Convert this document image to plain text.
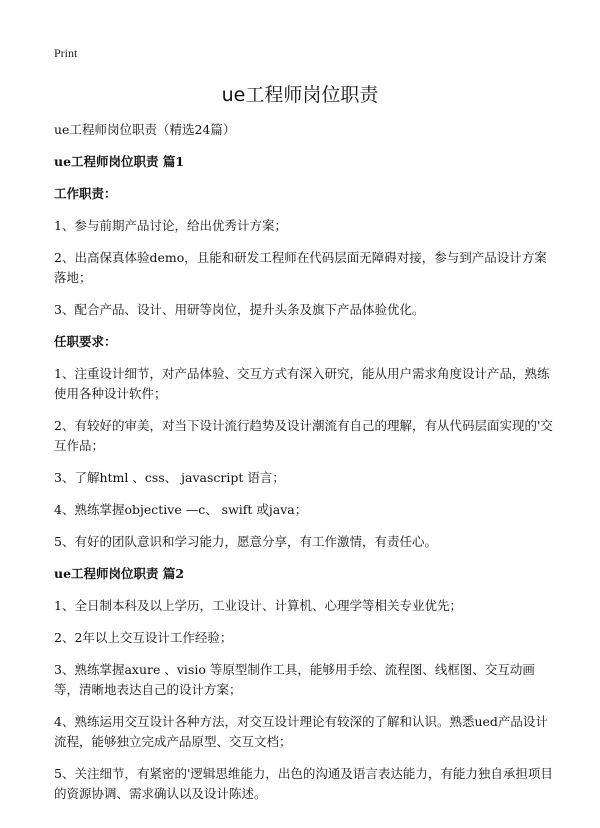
Print
ue工程师岗位职责

ue工程师岗位职责（精选24篇）

ue工程师岗位职责 篇1

工作职责：

1、参与前期产品讨论，给出优秀计方案；

2、出高保真体验demo，且能和研发工程师在代码层面无障碍对接，参与到产品设计方案落地；

3、配合产品、设计、用研等岗位，提升头条及旗下产品体验优化。

任职要求：

1、注重设计细节，对产品体验、交互方式有深入研究，能从用户需求角度设计产品，熟练使用各种设计软件；

2、有较好的审美，对当下设计流行趋势及设计潮流有自己的理解，有从代码层面实现的'交互作品；

3、了解html 、css、 javascript 语言；

4、熟练掌握objective —c、 swift 或java；

5、有好的团队意识和学习能力，愿意分享，有工作激情，有责任心。

ue工程师岗位职责 篇2

1、全日制本科及以上学历，工业设计、计算机、心理学等相关专业优先；

2、2年以上交互设计工作经验；

3、熟练掌握axure 、visio 等原型制作工具，能够用手绘、流程图、线框图、交互动画等，清晰地表达自己的设计方案；

4、熟练运用交互设计各种方法，对交互设计理论有较深的了解和认识。熟悉ued产品设计流程，能够独立完成产品原型、交互文档；

5、关注细节，有紧密的'逻辑思维能力，出色的沟通及语言表达能力，有能力独自承担项目的资源协调、需求确认以及设计陈述。
